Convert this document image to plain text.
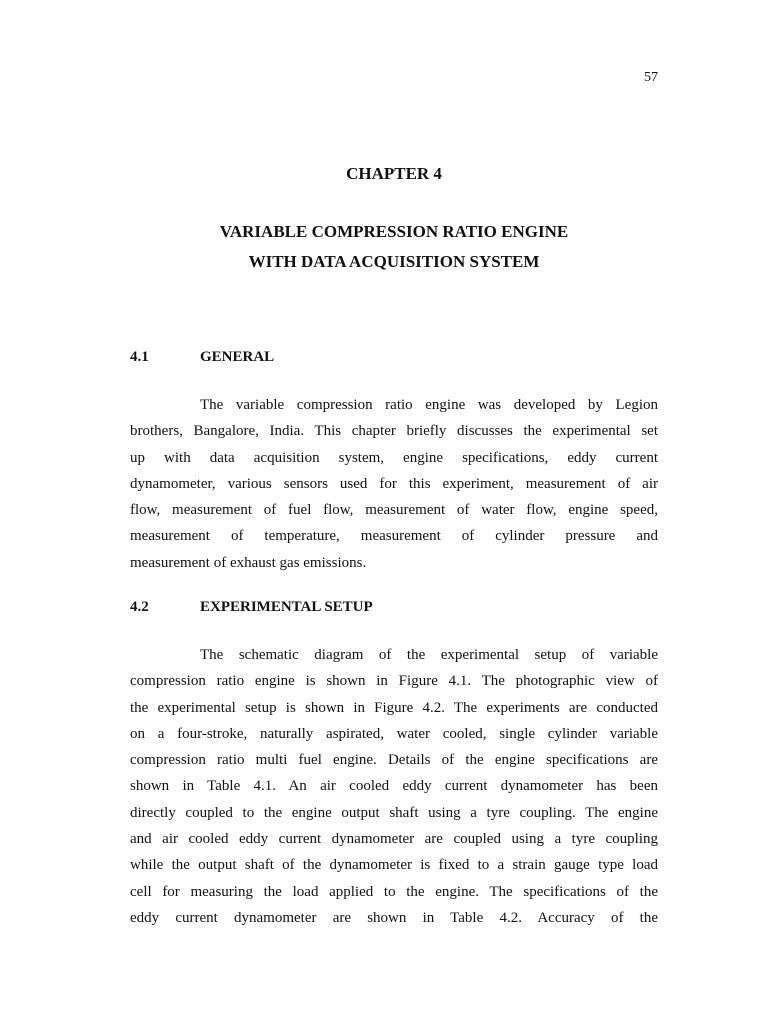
57
CHAPTER 4
VARIABLE COMPRESSION RATIO ENGINE
WITH DATA ACQUISITION SYSTEM
4.1	GENERAL
The variable compression ratio engine was developed by Legion
brothers, Bangalore, India. This chapter briefly discusses the experimental set
up with data acquisition system, engine specifications, eddy current
dynamometer, various sensors used for this experiment, measurement of air
flow, measurement of fuel flow, measurement of water flow, engine speed,
measurement of temperature, measurement of cylinder pressure and
measurement of exhaust gas emissions.
4.2	EXPERIMENTAL SETUP
The schematic diagram of the experimental setup of variable
compression ratio engine is shown in Figure 4.1. The photographic view of
the experimental setup is shown in Figure 4.2. The experiments are conducted
on a four-stroke, naturally aspirated, water cooled, single cylinder variable
compression ratio multi fuel engine. Details of the engine specifications are
shown in Table 4.1. An air cooled eddy current dynamometer has been
directly coupled to the engine output shaft using a tyre coupling. The engine
and air cooled eddy current dynamometer are coupled using a tyre coupling
while the output shaft of the dynamometer is fixed to a strain gauge type load
cell for measuring the load applied to the engine. The specifications of the
eddy current dynamometer are shown in Table 4.2. Accuracy of the
